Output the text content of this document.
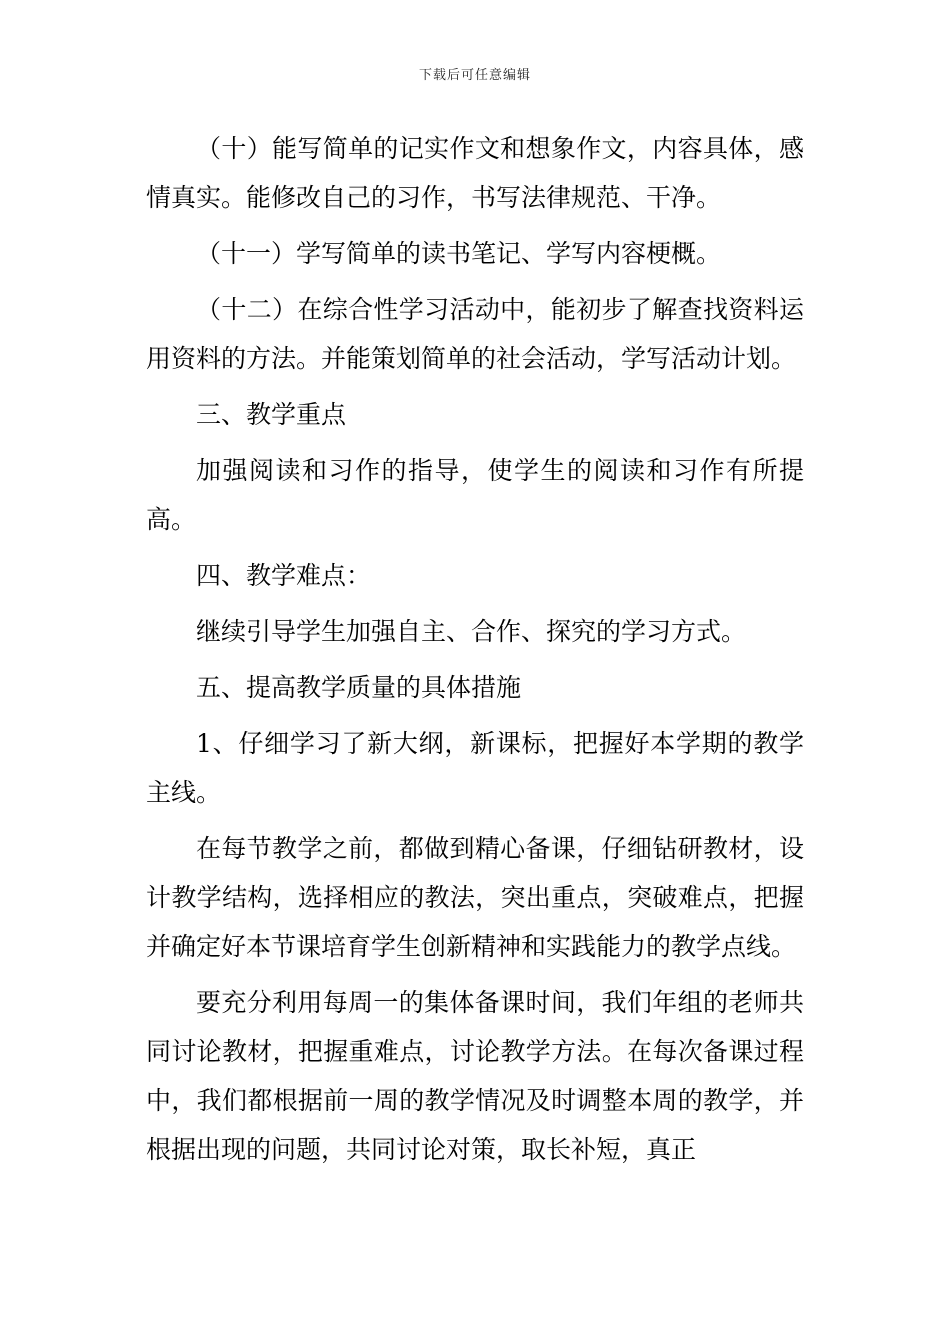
下载后可任意编辑

（十）能写简单的记实作文和想象作文，内容具体，感情真实。能修改自己的习作，书写法律规范、干净。

（十一）学写简单的读书笔记、学写内容梗概。

（十二）在综合性学习活动中，能初步了解查找资料运用资料的方法。并能策划简单的社会活动，学写活动计划。

三、教学重点

加强阅读和习作的指导，使学生的阅读和习作有所提高。

四、教学难点：

继续引导学生加强自主、合作、探究的学习方式。

五、提高教学质量的具体措施

1、仔细学习了新大纲，新课标，把握好本学期的教学主线。

在每节教学之前，都做到精心备课，仔细钻研教材，设计教学结构，选择相应的教法，突出重点，突破难点，把握并确定好本节课培育学生创新精神和实践能力的教学点线。

要充分利用每周一的集体备课时间，我们年组的老师共同讨论教材，把握重难点，讨论教学方法。在每次备课过程中，我们都根据前一周的教学情况及时调整本周的教学，并根据出现的问题，共同讨论对策，取长补短，真正
